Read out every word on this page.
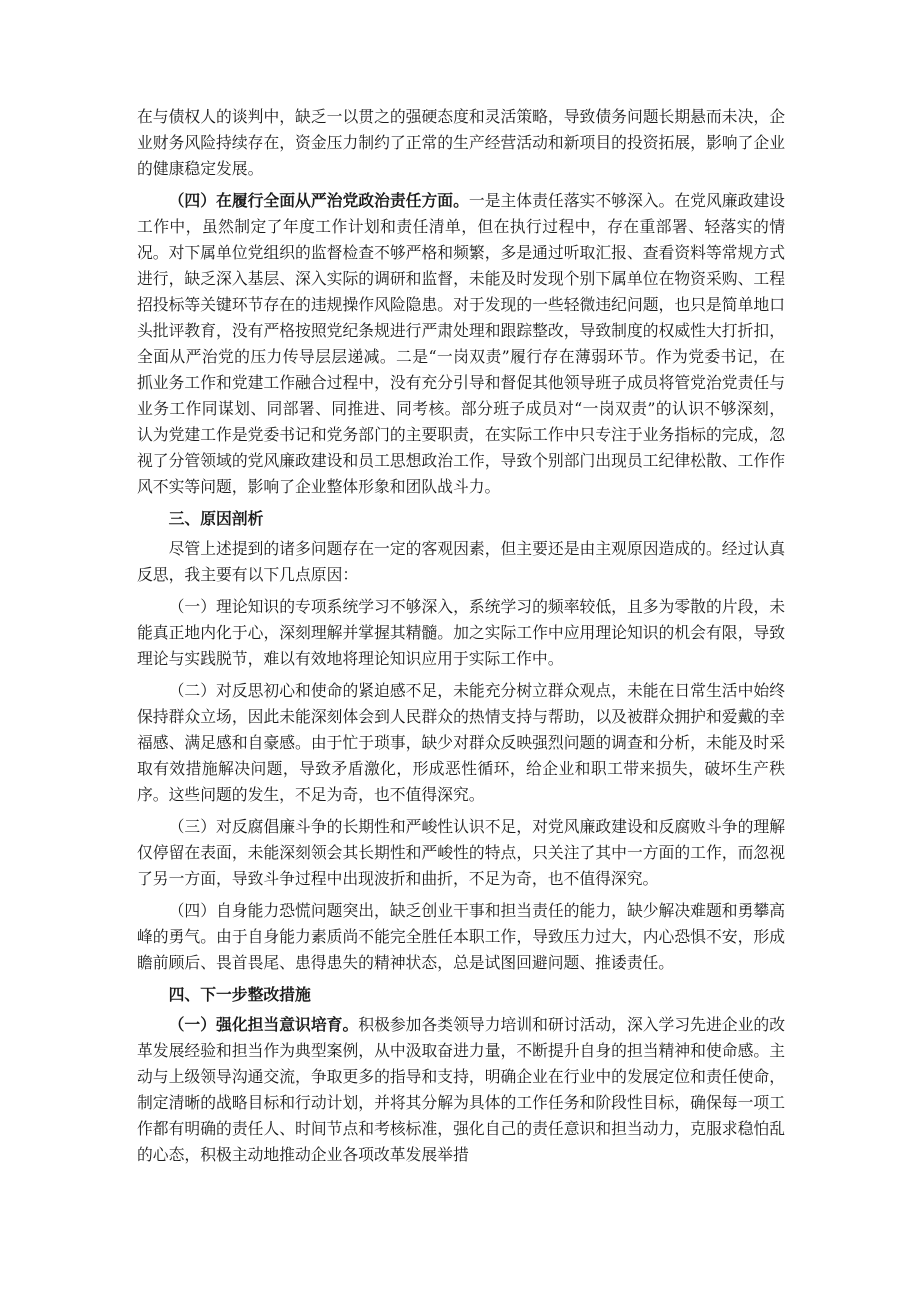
在与债权人的谈判中，缺乏一以贯之的强硬态度和灵活策略，导致债务问题长期悬而未决，企业财务风险持续存在，资金压力制约了正常的生产经营活动和新项目的投资拓展，影响了企业的健康稳定发展。

（四）在履行全面从严治党政治责任方面。一是主体责任落实不够深入。在党风廉政建设工作中，虽然制定了年度工作计划和责任清单，但在执行过程中，存在重部署、轻落实的情况。对下属单位党组织的监督检查不够严格和频繁，多是通过听取汇报、查看资料等常规方式进行，缺乏深入基层、深入实际的调研和监督，未能及时发现个别下属单位在物资采购、工程招投标等关键环节存在的违规操作风险隐患。对于发现的一些轻微违纪问题，也只是简单地口头批评教育，没有严格按照党纪条规进行严肃处理和跟踪整改，导致制度的权威性大打折扣，全面从严治党的压力传导层层递减。二是“一岗双责”履行存在薄弱环节。作为党委书记，在抓业务工作和党建工作融合过程中，没有充分引导和督促其他领导班子成员将管党治党责任与业务工作同谋划、同部署、同推进、同考核。部分班子成员对“一岗双责”的认识不够深刻，认为党建工作是党委书记和党务部门的主要职责，在实际工作中只专注于业务指标的完成，忽视了分管领域的党风廉政建设和员工思想政治工作，导致个别部门出现员工纪律松散、工作作风不实等问题，影响了企业整体形象和团队战斗力。

三、原因剖析

尽管上述提到的诸多问题存在一定的客观因素，但主要还是由主观原因造成的。经过认真反思，我主要有以下几点原因：

（一）理论知识的专项系统学习不够深入，系统学习的频率较低，且多为零散的片段，未能真正地内化于心，深刻理解并掌握其精髓。加之实际工作中应用理论知识的机会有限，导致理论与实践脱节，难以有效地将理论知识应用于实际工作中。

（二）对反思初心和使命的紧迫感不足，未能充分树立群众观点，未能在日常生活中始终保持群众立场，因此未能深刻体会到人民群众的热情支持与帮助，以及被群众拥护和爱戴的幸福感、满足感和自豪感。由于忙于琐事，缺少对群众反映强烈问题的调查和分析，未能及时采取有效措施解决问题，导致矛盾激化，形成恶性循环，给企业和职工带来损失，破坏生产秩序。这些问题的发生，不足为奇，也不值得深究。

（三）对反腐倡廉斗争的长期性和严峻性认识不足，对党风廉政建设和反腐败斗争的理解仅停留在表面，未能深刻领会其长期性和严峻性的特点，只关注了其中一方面的工作，而忽视了另一方面，导致斗争过程中出现波折和曲折，不足为奇，也不值得深究。

（四）自身能力恐慌问题突出，缺乏创业干事和担当责任的能力，缺少解决难题和勇攀高峰的勇气。由于自身能力素质尚不能完全胜任本职工作，导致压力过大，内心恐惧不安，形成瞻前顾后、畏首畏尾、患得患失的精神状态，总是试图回避问题、推诿责任。

四、下一步整改措施

（一）强化担当意识培育。积极参加各类领导力培训和研讨活动，深入学习先进企业的改革发展经验和担当作为典型案例，从中汲取奋进力量，不断提升自身的担当精神和使命感。主动与上级领导沟通交流，争取更多的指导和支持，明确企业在行业中的发展定位和责任使命，制定清晰的战略目标和行动计划，并将其分解为具体的工作任务和阶段性目标，确保每一项工作都有明确的责任人、时间节点和考核标准，强化自己的责任意识和担当动力，克服求稳怕乱的心态，积极主动地推动企业各项改革发展举措
